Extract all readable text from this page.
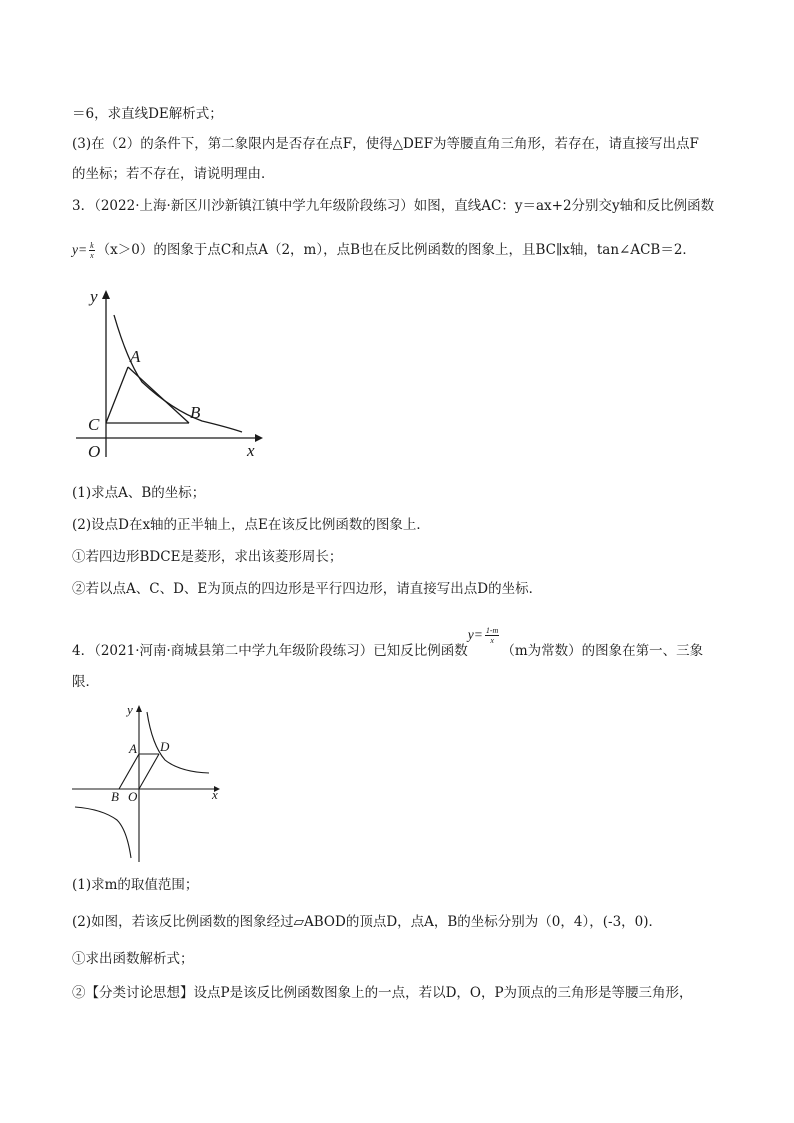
＝6，求直线DE解析式；
(3)在（2）的条件下，第二象限内是否存在点F，使得△DEF为等腰直角三角形，若存在，请直接写出点F
的坐标；若不存在，请说明理由．
3．（2022·上海·新区川沙新镇江镇中学九年级阶段练习）如图，直线AC：y＝ax+2分别交y轴和反比例函数
$y= \frac{k}{x} (x>0)$的图象于点C和点A（2，m），点B也在反比例函数的图象上，且BC∥x轴，tan∠ACB＝2．
y
x
A
B
C
O
(1)求点A、B的坐标；
(2)设点D在x轴的正半轴上，点E在该反比例函数的图象上．
①若四边形BDCE是菱形，求出该菱形周长；
②若以点A、C、D、E为顶点的四边形是平行四边形，请直接写出点D的坐标．
4．（2021·河南·商城县第二中学九年级阶段练习）已知反比例函数$y= \frac{1-m}{x}$
（m为常数）的图象在第一、三象
限．
y
x
A D
B O
(1)求m的取值范围；
(2)如图，若该反比例函数的图象经过▱ABOD的顶点D，点A，B的坐标分别为（0，4），(-3，0)．
①求出函数解析式；
②【分类讨论思想】设点P是该反比例函数图象上的一点，若以D，O，P为顶点的三角形是等腰三角形，
